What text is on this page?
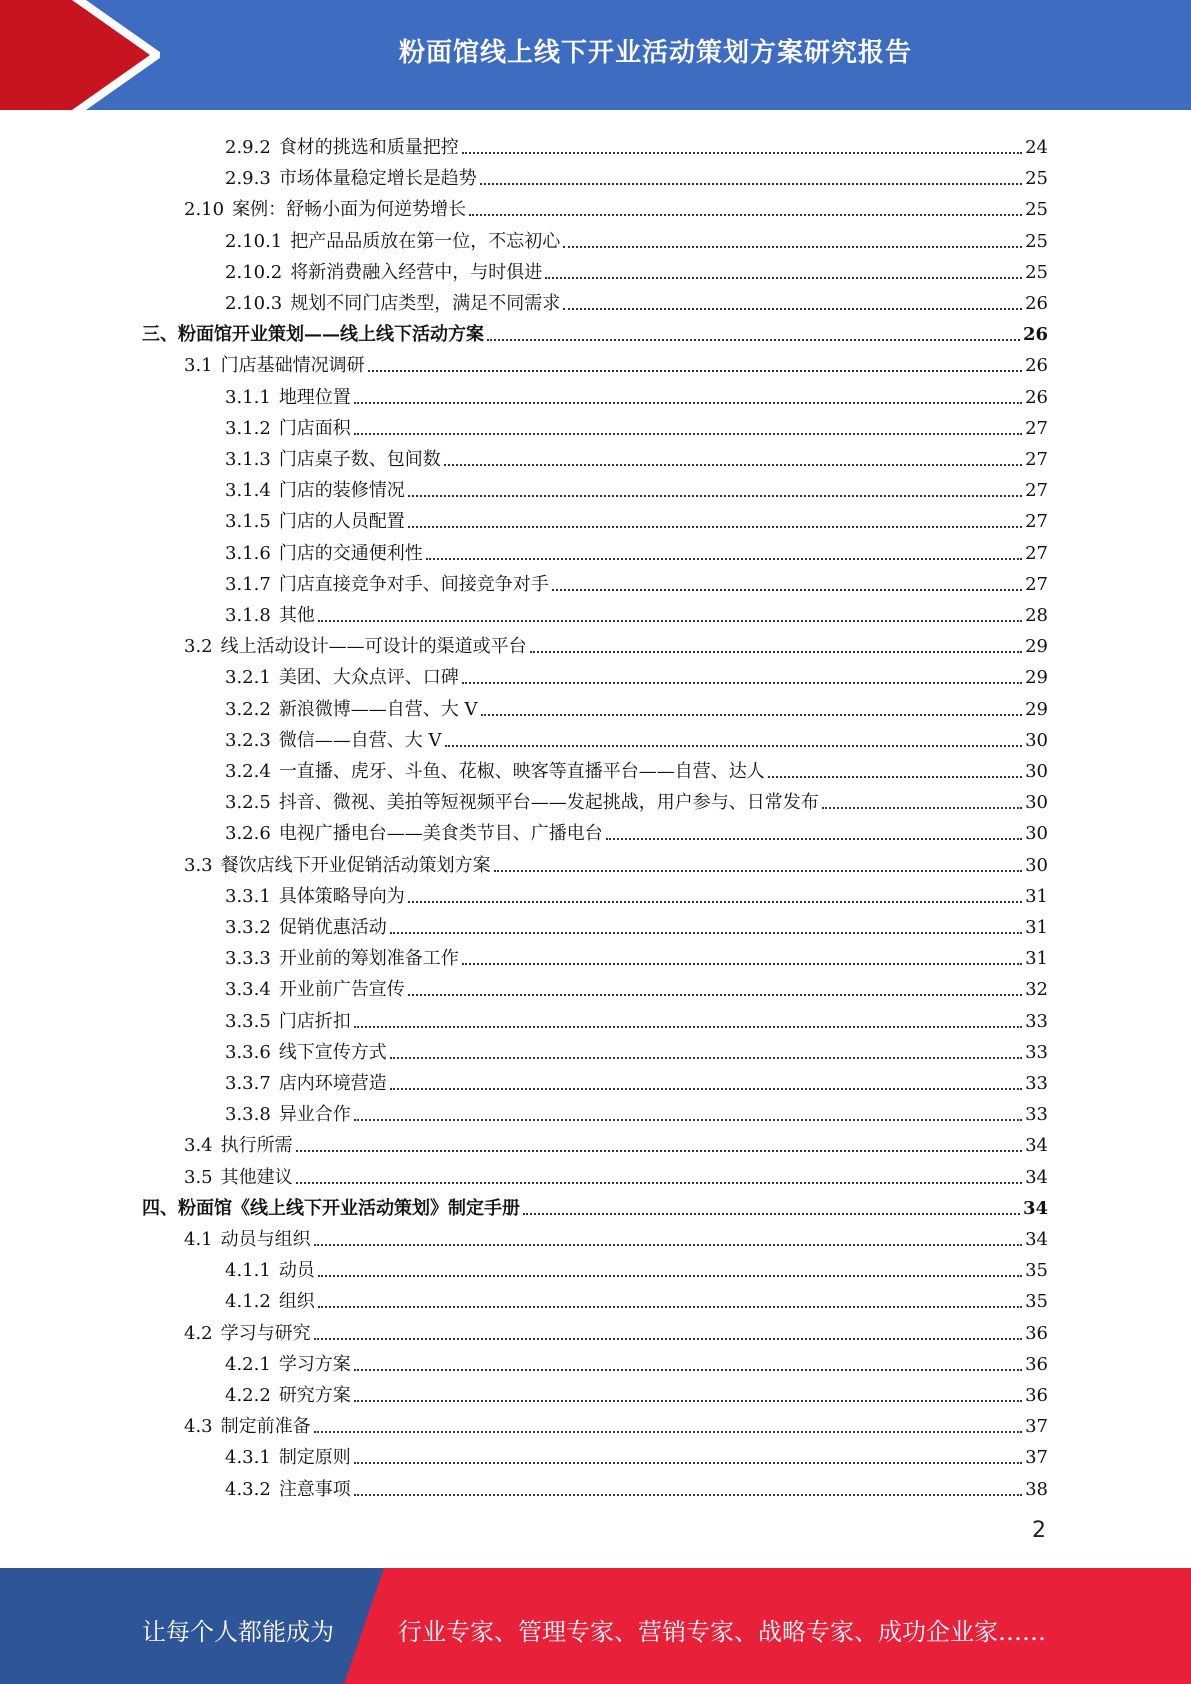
粉面馆线上线下开业活动策划方案研究报告
2.9.2 食材的挑选和质量把控	24
2.9.3 市场体量稳定增长是趋势	25
2.10 案例：舒畅小面为何逆势增长	25
2.10.1 把产品品质放在第一位，不忘初心	25
2.10.2 将新消费融入经营中，与时俱进	25
2.10.3 规划不同门店类型，满足不同需求	26
三、 粉面馆开业策划——线上线下活动方案	26
3.1 门店基础情况调研	26
3.1.1 地理位置	26
3.1.2 门店面积	27
3.1.3 门店桌子数、包间数	27
3.1.4 门店的装修情况	27
3.1.5 门店的人员配置	27
3.1.6 门店的交通便利性	27
3.1.7 门店直接竞争对手、间接竞争对手	27
3.1.8 其他	28
3.2 线上活动设计——可设计的渠道或平台	29
3.2.1 美团、大众点评、口碑	29
3.2.2 新浪微博——自营、大 V	29
3.2.3 微信——自营、大 V	30
3.2.4 一直播、虎牙、斗鱼、花椒、映客等直播平台——自营、达人	30
3.2.5 抖音、微视、美拍等短视频平台——发起挑战，用户参与、日常发布	30
3.2.6 电视广播电台——美食类节目、广播电台	30
3.3 餐饮店线下开业促销活动策划方案	30
3.3.1 具体策略导向为	31
3.3.2 促销优惠活动	31
3.3.3 开业前的筹划准备工作	31
3.3.4 开业前广告宣传	32
3.3.5 门店折扣	33
3.3.6 线下宣传方式	33
3.3.7 店内环境营造	33
3.3.8 异业合作	33
3.4 执行所需	34
3.5 其他建议	34
四、 粉面馆《线上线下开业活动策划》制定手册	34
4.1 动员与组织	34
4.1.1 动员	35
4.1.2 组织	35
4.2 学习与研究	36
4.2.1 学习方案	36
4.2.2 研究方案	36
4.3 制定前准备	37
4.3.1 制定原则	37
4.3.2 注意事项	38
2
让每个人都能成为	行业专家、管理专家、营销专家、战略专家、成功企业家……
